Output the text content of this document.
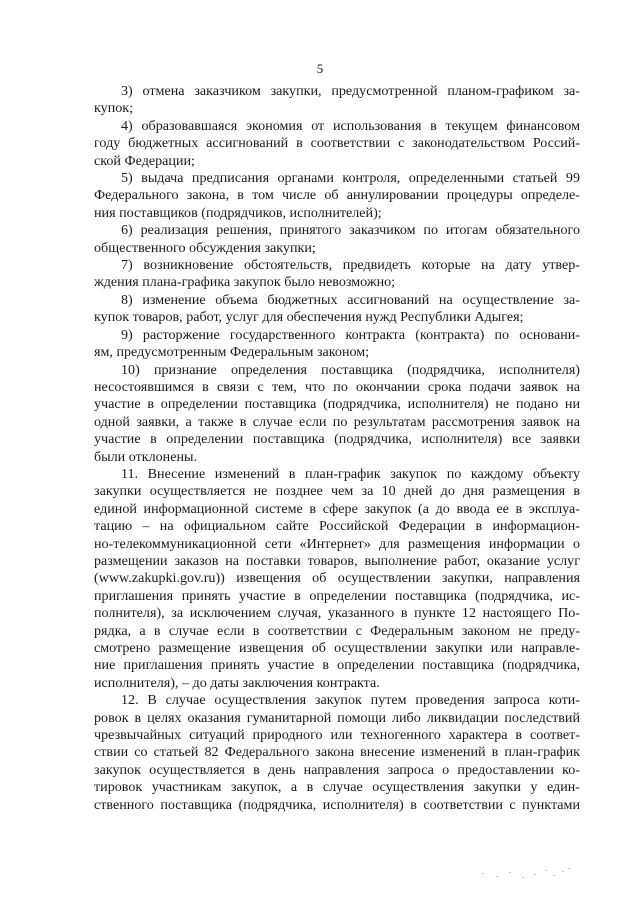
5
3) отмена заказчиком закупки, предусмотренной планом-графиком за-
купок;
4) образовавшаяся экономия от использования в текущем финансовом
году бюджетных ассигнований в соответствии с законодательством Россий-
ской Федерации;
5) выдача предписания органами контроля, определенными статьей 99
Федерального закона, в том числе об аннулировании процедуры определе-
ния поставщиков (подрядчиков, исполнителей);
6) реализация решения, принятого заказчиком по итогам обязательного
общественного обсуждения закупки;
7) возникновение обстоятельств, предвидеть которые на дату утвер-
ждения плана-графика закупок было невозможно;
8) изменение объема бюджетных ассигнований на осуществление за-
купок товаров, работ, услуг для обеспечения нужд Республики Адыгея;
9) расторжение государственного контракта (контракта) по основани-
ям, предусмотренным Федеральным законом;
10) признание определения поставщика (подрядчика, исполнителя)
несостоявшимся в связи с тем, что по окончании срока подачи заявок на
участие в определении поставщика (подрядчика, исполнителя) не подано ни
одной заявки, а также в случае если по результатам рассмотрения заявок на
участие в определении поставщика (подрядчика, исполнителя) все заявки
были отклонены.
11. Внесение изменений в план-график закупок по каждому объекту
закупки осуществляется не позднее чем за 10 дней до дня размещения в
единой информационной системе в сфере закупок (а до ввода ее в эксплуа-
тацию – на официальном сайте Российской Федерации в информацион-
но-телекоммуникационной сети «Интернет» для размещения информации о
размещении заказов на поставки товаров, выполнение работ, оказание услуг
(www.zakupki.gov.ru)) извещения об осуществлении закупки, направления
приглашения принять участие в определении поставщика (подрядчика, ис-
полнителя), за исключением случая, указанного в пункте 12 настоящего По-
рядка, а в случае если в соответствии с Федеральным законом не преду-
смотрено размещение извещения об осуществлении закупки или направле-
ние приглашения принять участие в определении поставщика (подрядчика,
исполнителя), – до даты заключения контракта.
12. В случае осуществления закупок путем проведения запроса коти-
ровок в целях оказания гуманитарной помощи либо ликвидации последствий
чрезвычайных ситуаций природного или техногенного характера в соответ-
ствии со статьей 82 Федерального закона внесение изменений в план-график
закупок осуществляется в день направления запроса о предоставлении ко-
тировок участникам закупок, а в случае осуществления закупки у един-
ственного поставщика (подрядчика, исполнителя) в соответствии с пунктами
